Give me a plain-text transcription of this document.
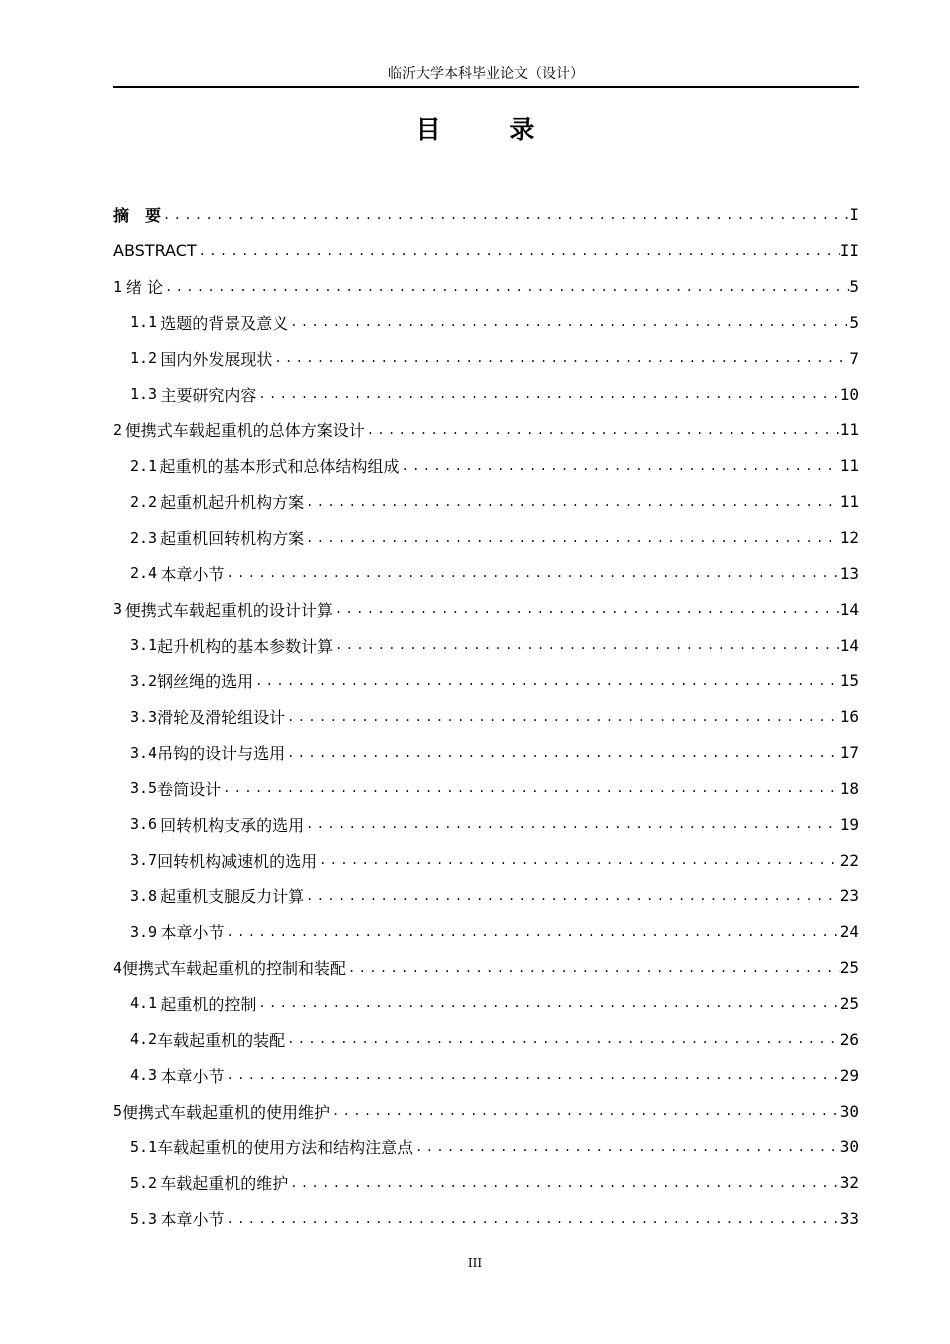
临沂大学本科毕业论文（设计）
目 录
摘　要 .....	I
ABSTRACT .....	II
1 绪 论 .....	5
1.1 选题的背景及意义 .....	5
1.2 国内外发展现状 .....	7
1.3 主要研究内容 .....	10
2 便携式车载起重机的总体方案设计 .....	11
2.1 起重机的基本形式和总体结构组成 .....	11
2.2 起重机起升机构方案 .....	11
2.3 起重机回转机构方案 .....	12
2.4 本章小节 .....	13
3 便携式车载起重机的设计计算 .....	14
3.1 起升机构的基本参数计算 .....	14
3.2 钢丝绳的选用 .....	15
3.3 滑轮及滑轮组设计 .....	16
3.4 吊钩的设计与选用 .....	17
3.5 卷筒设计 .....	18
3.6 回转机构支承的选用 .....	19
3.7 回转机构减速机的选用 .....	22
3.8 起重机支腿反力计算 .....	23
3.9 本章小节 .....	24
4 便携式车载起重机的控制和装配 .....	25
4.1 起重机的控制 .....	25
4.2 车载起重机的装配 .....	26
4.3 本章小节 .....	29
5 便携式车载起重机的使用维护 .....	30
5.1 车载起重机的使用方法和结构注意点 .....	30
5.2 车载起重机的维护 .....	32
5.3 本章小节 .....	33
III
